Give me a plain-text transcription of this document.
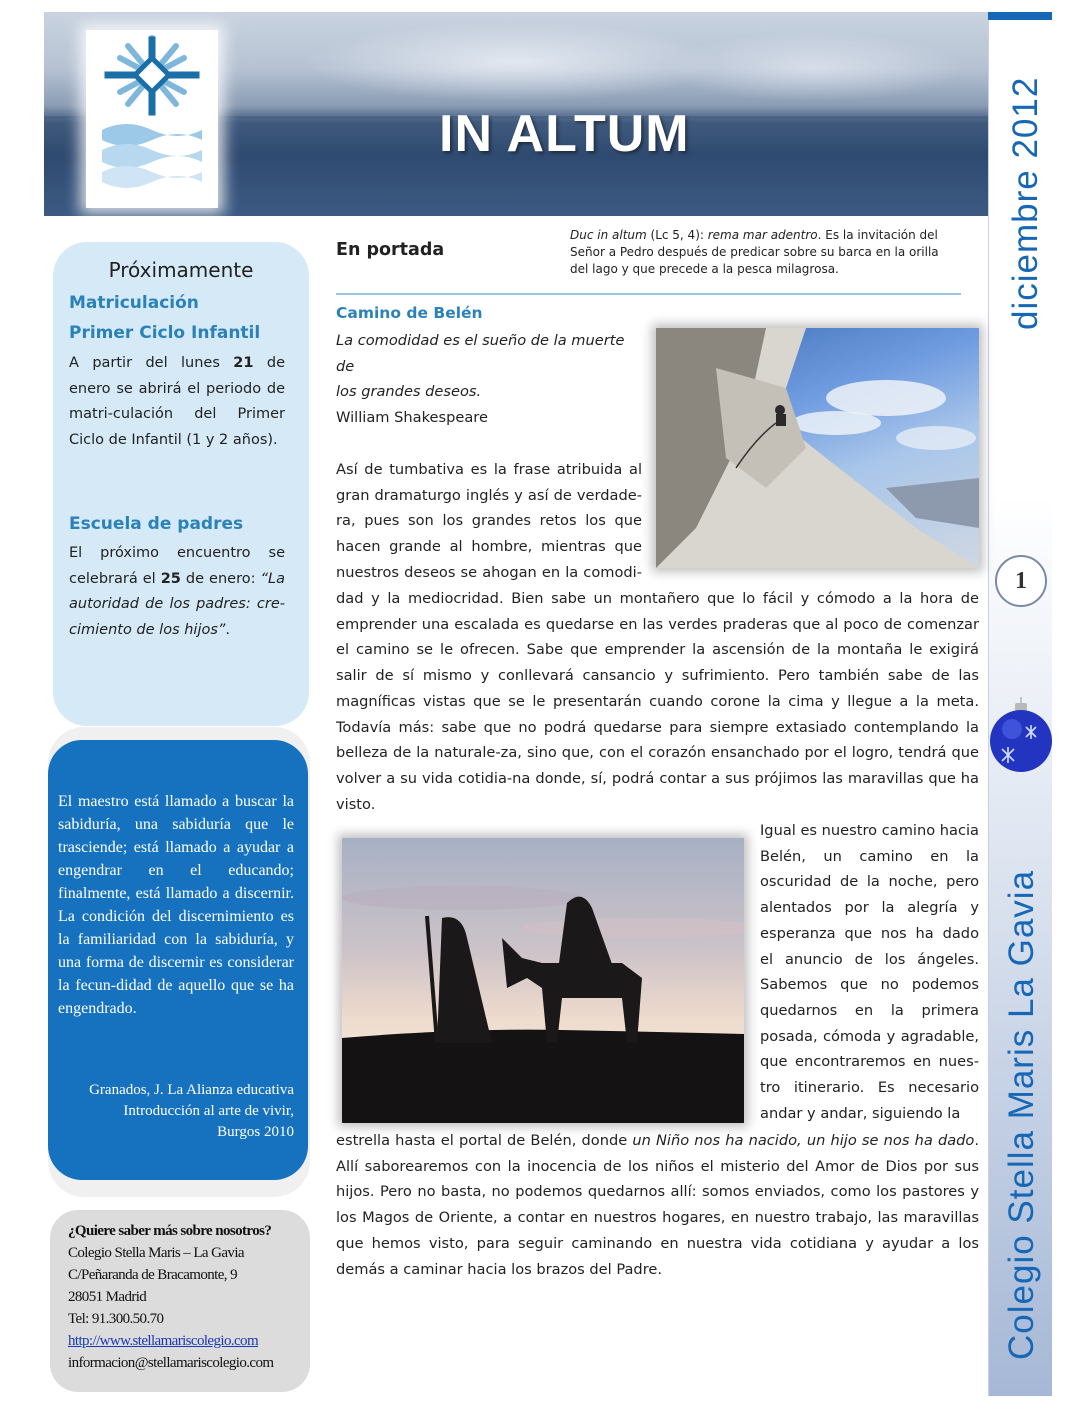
IN ALTUM	diciembre 2012
1
Colegio Stella Maris La Gavia
Próximamente
Matriculación
Primer Ciclo Infantil
A partir del lunes 21 de enero se abrirá el periodo de matri-culación del Primer Ciclo de Infantil (1 y 2 años).
Escuela de padres
El próximo encuentro se celebrará el 25 de enero: “La autoridad de los padres: cre-cimiento de los hijos”.
El maestro está llamado a buscar la sabiduría, una sabiduría que le trasciende; está llamado a ayudar a engendrar en el educando; finalmente, está llamado a discernir. La condición del discernimiento es la familiaridad con la sabiduría, y una forma de discernir es considerar la fecun-didad de aquello que se ha engendrado.
Granados, J. La Alianza educativa
Introducción al arte de vivir,
Burgos 2010
¿Quiere saber más sobre nosotros?
Colegio Stella Maris – La Gavia
C/Peñaranda de Bracamonte, 9
28051 Madrid
Tel: 91.300.50.70
http://www.stellamariscolegio.com
informacion@stellamariscolegio.com
En portada
Duc in altum (Lc 5, 4): rema mar adentro. Es la invitación del Señor a Pedro después de predicar sobre su barca en la orilla del lago y que precede a la pesca milagrosa.
Camino de Belén
La comodidad es el sueño de la muerte de
los grandes deseos.
William Shakespeare
Así de tumbativa es la frase atribuida al gran dramaturgo inglés y así de verdade-ra, pues son los grandes retos los que hacen grande al hombre, mientras que nuestros deseos se ahogan en la comodi-
dad y la mediocridad. Bien sabe un montañero que lo fácil y cómodo a la hora de emprender una escalada es quedarse en las verdes praderas que al poco de comenzar el camino se le ofrecen. Sabe que emprender la ascensión de la montaña le exigirá salir de sí mismo y conllevará cansancio y sufrimiento. Pero también sabe de las magníficas vistas que se le presentarán cuando corone la cima y llegue a la meta. Todavía más: sabe que no podrá quedarse para siempre extasiado contemplando la belleza de la naturale-za, sino que, con el corazón ensanchado por el logro, tendrá que volver a su vida cotidia-na donde, sí, podrá contar a sus prójimos las maravillas que ha visto.
Igual es nuestro camino hacia Belén, un camino en la oscuridad de la noche, pero alentados por la alegría y esperanza que nos ha dado el anuncio de los ángeles. Sabemos que no podemos quedarnos en la primera posada, cómoda y agradable, que encontraremos en nues-tro itinerario. Es necesario andar y andar, siguiendo la
estrella hasta el portal de Belén, donde un Niño nos ha nacido, un hijo se nos ha dado. Allí saborearemos con la inocencia de los niños el misterio del Amor de Dios por sus hijos. Pero no basta, no podemos quedarnos allí: somos enviados, como los pastores y los Magos de Oriente, a contar en nuestros hogares, en nuestro trabajo, las maravillas que hemos visto, para seguir caminando en nuestra vida cotidiana y ayudar a los demás a caminar hacia los brazos del Padre.
